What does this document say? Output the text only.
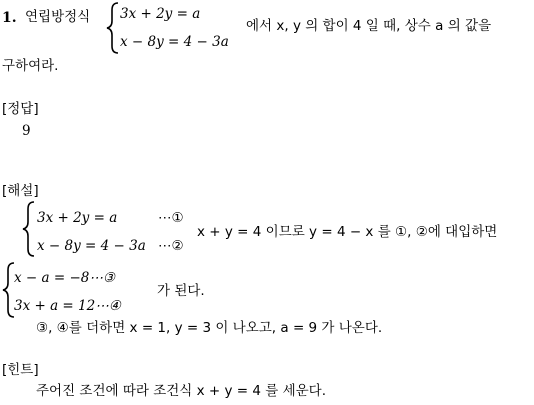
1. 연립방정식 3x + 2y = a
x − 8y = 4 − 3a
에서 x, y 의 합이 4 일 때, 상수 a 의 값을
구하여라.
[정답]
9
[해설]
3x + 2y = a	⋯①
x − 8y = 4 − 3a ⋯②
x + y = 4 이므로 y = 4 − x 를 ①, ②에 대입하면
x − a = −8⋯③
3x + a = 12⋯④
가 된다.
③, ④를 더하면 x = 1, y = 3 이 나오고, a = 9 가 나온다.
[힌트]
주어진 조건에 따라 조건식 x + y = 4 를 세운다.
